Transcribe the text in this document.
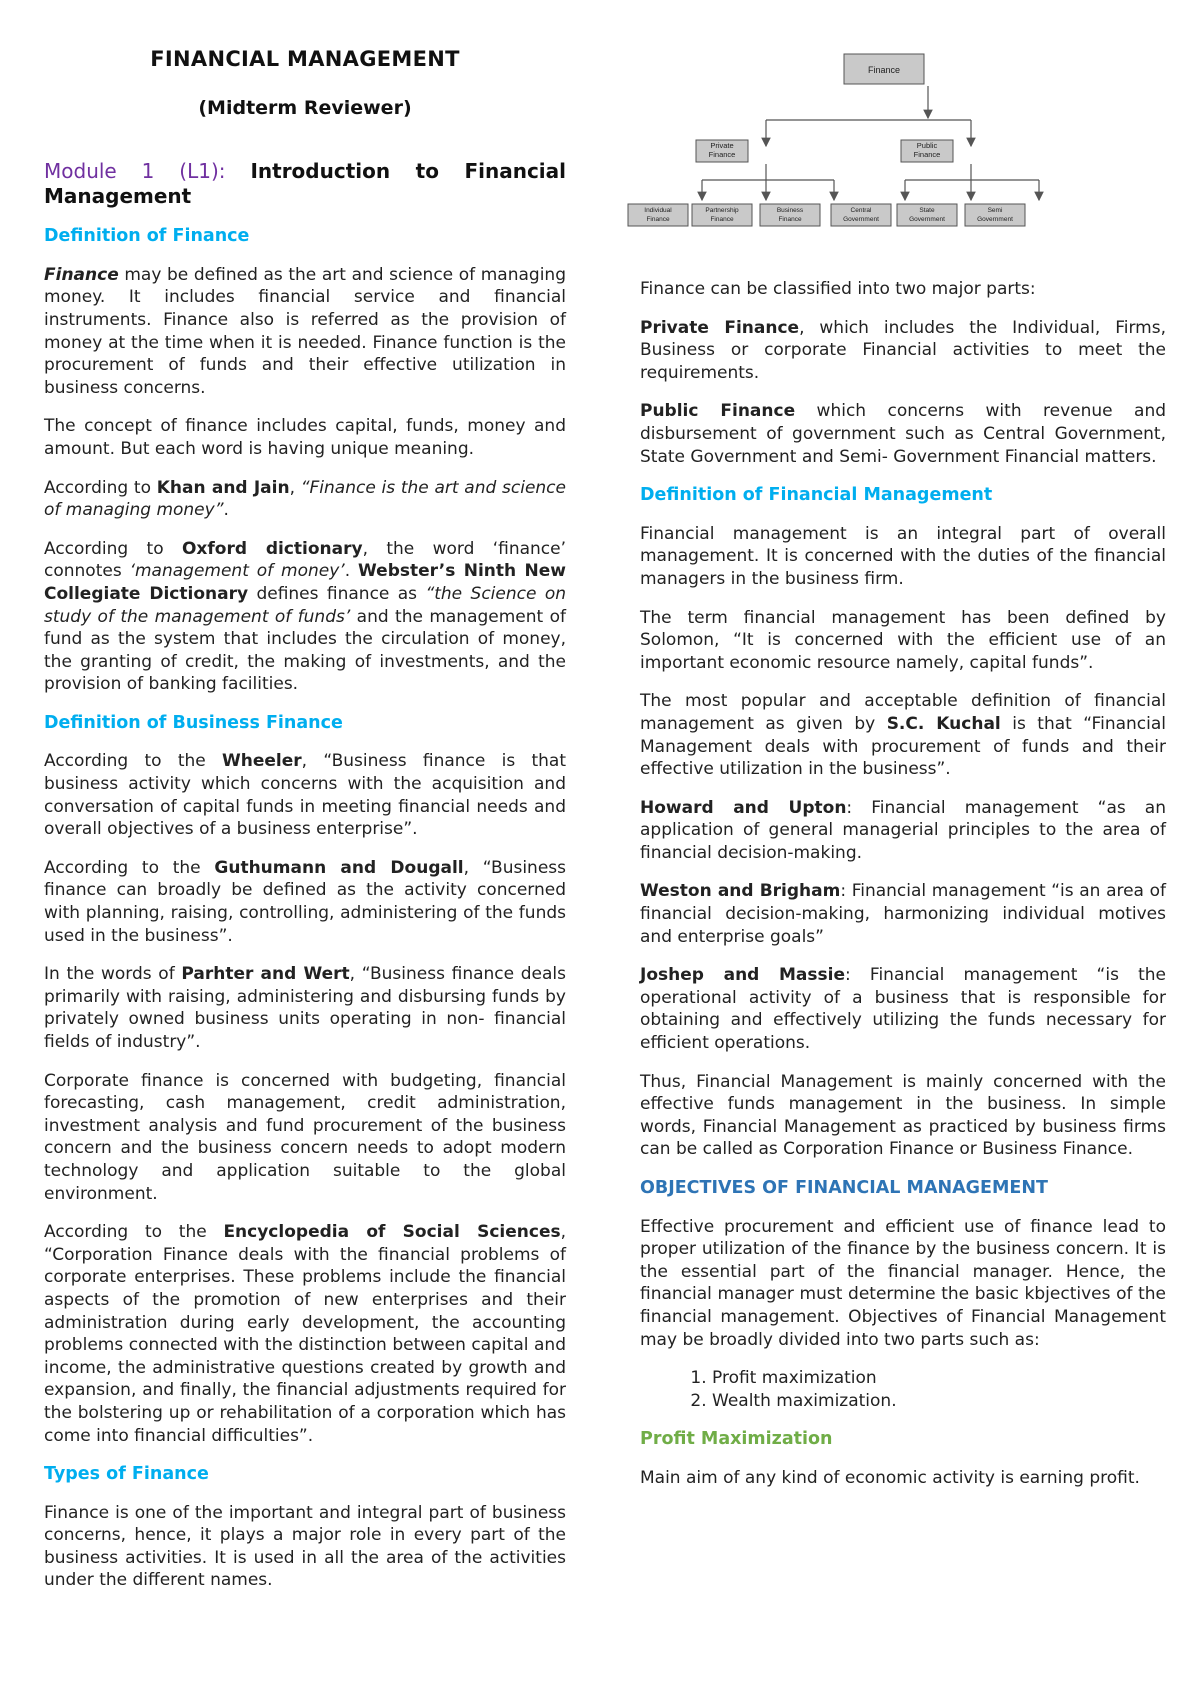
FINANCIAL MANAGEMENT
(Midterm Reviewer)
Module 1 (L1): Introduction to Financial Management
Definition of Finance

Finance may be defined as the art and science of managing money. It includes financial service and financial instruments. Finance also is referred as the provision of money at the time when it is needed. Finance function is the procurement of funds and their effective utilization in business concerns.

The concept of finance includes capital, funds, money and amount. But each word is having unique meaning.

According to Khan and Jain, “Finance is the art and science of managing money”.

According to Oxford dictionary, the word ‘finance’ connotes ‘management of money’. Webster’s Ninth New Collegiate Dictionary defines finance as “the Science on study of the management of funds’ and the management of fund as the system that includes the circulation of money, the granting of credit, the making of investments, and the provision of banking facilities.

Definition of Business Finance

According to the Wheeler, “Business finance is that business activity which concerns with the acquisition and conversation of capital funds in meeting financial needs and overall objectives of a business enterprise”.

According to the Guthumann and Dougall, “Business finance can broadly be defined as the activity concerned with planning, raising, controlling, administering of the funds used in the business”.

In the words of Parhter and Wert, “Business finance deals primarily with raising, administering and disbursing funds by privately owned business units operating in non- financial fields of industry”.

Corporate finance is concerned with budgeting, financial forecasting, cash management, credit administration, investment analysis and fund procurement of the business concern and the business concern needs to adopt modern technology and application suitable to the global environment.

According to the Encyclopedia of Social Sciences, “Corporation Finance deals with the financial problems of corporate enterprises. These problems include the financial aspects of the promotion of new enterprises and their administration during early development, the accounting problems connected with the distinction between capital and income, the administrative questions created by growth and expansion, and finally, the financial adjustments required for the bolstering up or rehabilitation of a corporation which has come into financial difficulties”.

Types of Finance

Finance is one of the important and integral part of business concerns, hence, it plays a major role in every part of the business activities. It is used in all the area of the activities under the different names.

Finance
Private
Finance
Public
Finance
Individual
Finance
Partnership
Finance
Business
Finance
Central
Government
State
Government
Semi
Government

Finance can be classified into two major parts:

Private Finance, which includes the Individual, Firms, Business or corporate Financial activities to meet the requirements.

Public Finance which concerns with revenue and disbursement of government such as Central Government, State Government and Semi- Government Financial matters.

Definition of Financial Management

Financial management is an integral part of overall management. It is concerned with the duties of the financial managers in the business firm.

The term financial management has been defined by Solomon, “It is concerned with the efficient use of an important economic resource namely, capital funds”.

The most popular and acceptable definition of financial management as given by S.C. Kuchal is that “Financial Management deals with procurement of funds and their effective utilization in the business”.

Howard and Upton: Financial management “as an application of general managerial principles to the area of financial decision-making.

Weston and Brigham: Financial management “is an area of financial decision-making, harmonizing individual motives and enterprise goals”

Joshep and Massie: Financial management “is the operational activity of a business that is responsible for obtaining and effectively utilizing the funds necessary for efficient operations.

Thus, Financial Management is mainly concerned with the effective funds management in the business. In simple words, Financial Management as practiced by business firms can be called as Corporation Finance or Business Finance.

OBJECTIVES OF FINANCIAL MANAGEMENT

Effective procurement and efficient use of finance lead to proper utilization of the finance by the business concern. It is the essential part of the financial manager. Hence, the financial manager must determine the basic kbjectives of the financial management. Objectives of Financial Management may be broadly divided into two parts such as:

1. Profit maximization
2. Wealth maximization.
Profit Maximization

Main aim of any kind of economic activity is earning profit.
